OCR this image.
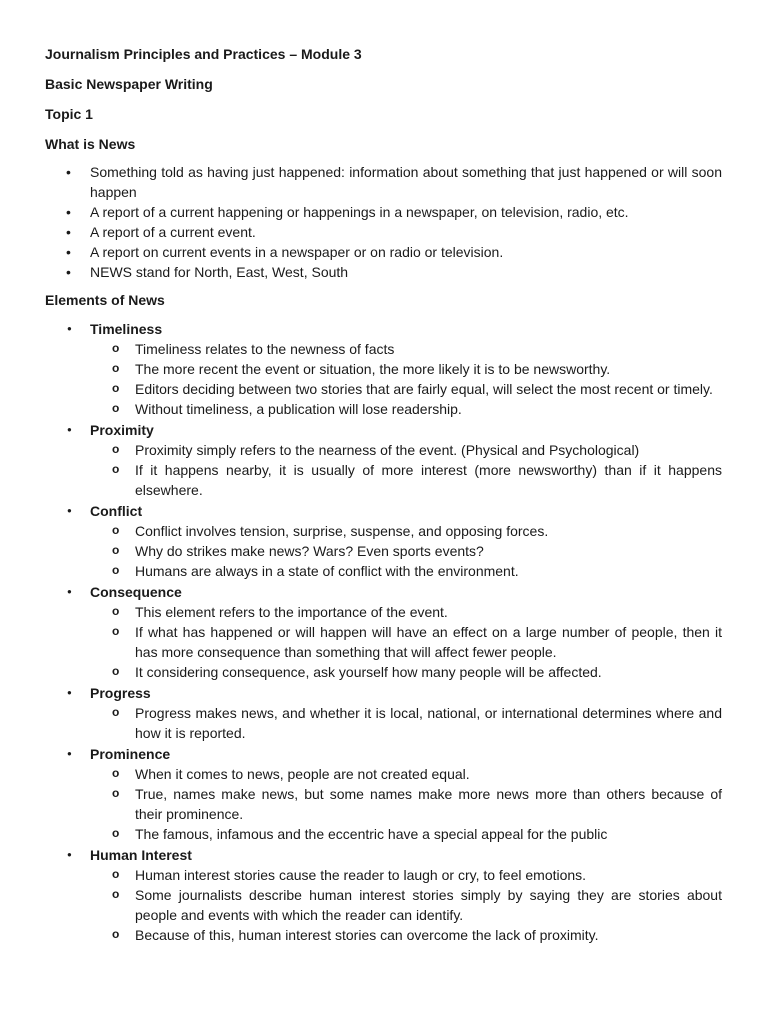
Journalism Principles and Practices – Module 3
Basic Newspaper Writing
Topic 1
What is News
• Something told as having just happened: information about something that just happened or will soon happen
• A report of a current happening or happenings in a newspaper, on television, radio, etc.
• A report of a current event.
• A report on current events in a newspaper or on radio or television.
• NEWS stand for North, East, West, South
Elements of News
● Timeliness
o Timeliness relates to the newness of facts
o The more recent the event or situation, the more likely it is to be newsworthy.
o Editors deciding between two stories that are fairly equal, will select the most recent or timely.
o Without timeliness, a publication will lose readership.
● Proximity
o Proximity simply refers to the nearness of the event. (Physical and Psychological)
o If it happens nearby, it is usually of more interest (more newsworthy) than if it happens elsewhere.
● Conflict
o Conflict involves tension, surprise, suspense, and opposing forces.
o Why do strikes make news? Wars? Even sports events?
o Humans are always in a state of conflict with the environment.
● Consequence
o This element refers to the importance of the event.
o If what has happened or will happen will have an effect on a large number of people, then it has more consequence than something that will affect fewer people.
o It considering consequence, ask yourself how many people will be affected.
● Progress
o Progress makes news, and whether it is local, national, or international determines where and how it is reported.
● Prominence
o When it comes to news, people are not created equal.
o True, names make news, but some names make more news more than others because of their prominence.
o The famous, infamous and the eccentric have a special appeal for the public
● Human Interest
o Human interest stories cause the reader to laugh or cry, to feel emotions.
o Some journalists describe human interest stories simply by saying they are stories about people and events with which the reader can identify.
o Because of this, human interest stories can overcome the lack of proximity.
